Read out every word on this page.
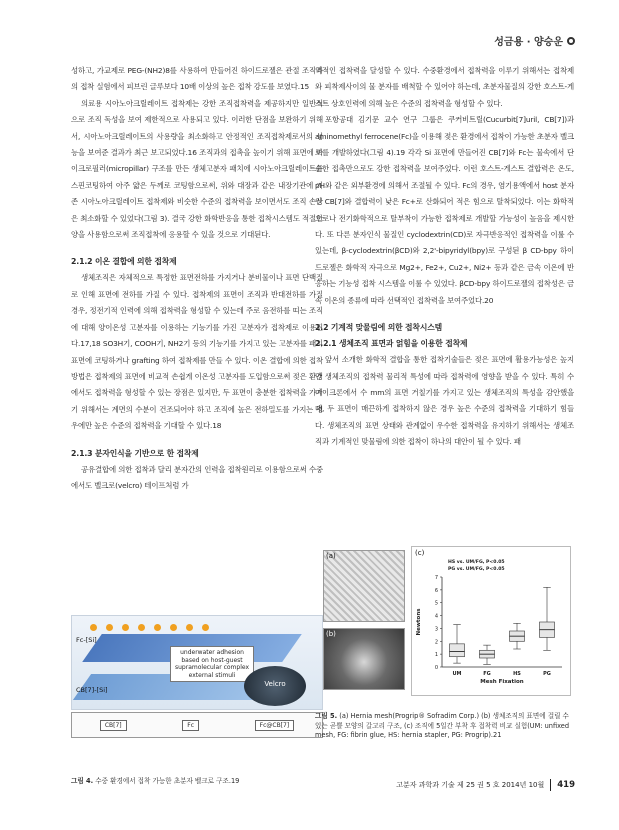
성금용 · 양승운

성하고, 가교제로 PEG-(NH2)8를 사용하여 만들어진 하이드로젤은 관절 조직과의 접착 실험에서 피브린 글루보다 10배 이상의 높은 접착 강도를 보였다.15

의료용 시아노아크릴레이트 접착제는 강한 조직접착력을 제공하지만 일반적으로 조직 독성을 보여 제한적으로 사용되고 있다. 이러한 단점을 보완하기 위해서, 시아노아크릴레이트의 사용량을 최소화하고 안정적인 조직접착제로서의 성능을 보여준 결과가 최근 보고되었다.16 조직과의 접촉을 높이기 위해 표면에 마이크로필러(micropillar) 구조를 만든 생체고분자 패치에 시아노아크릴레이트를 스핀코팅하여 아주 얇은 두께로 코팅함으로써, 위와 대장과 같은 내장기관에 기존 시아노아크릴레이트 접착제와 비슷한 수준의 접착력을 보이면서도 조직 손상은 최소화할 수 있었다(그림 3). 결국 강한 화학반응을 통한 접착시스템도 적절한 양을 사용함으로써 조직접착에 응용할 수 있을 것으로 기대된다.

2.1.2 이온 결합에 의한 접착제

생체조직은 자체적으로 특정한 표면전하를 가지거나 분비물이나 표면 단백질로 인해 표면에 전하를 가질 수 있다. 접착제의 표면이 조직과 반대전하를 가질 경우, 정전기적 인력에 의해 접착력을 형성할 수 있는데 주로 음전하를 띠는 조직에 대해 양이온성 고분자를 이용하는 기능기를 가진 고분자가 접착제로 이용된다.17,18 SO3H기, COOH기, NH2기 등의 기능기를 가지고 있는 고분자를 패치 표면에 코팅하거나 grafting 하여 접착제를 만들 수 있다. 이온 결합에 의한 접착방법은 접착제의 표면에 비교적 손쉽게 이온성 고분자를 도입함으로써 젖은 환경에서도 접착력을 형성할 수 있는 장점은 있지만, 두 표면이 충분한 접착력을 가지기 위해서는 계면의 수분이 건조되어야 하고 조직에 높은 전하밀도를 가지는 경우에만 높은 수준의 접착력을 기대할 수 있다.18

2.1.3 분자인식을 기반으로 한 접착제

공유결합에 의한 접착과 달리 분자간의 인력을 접착원리로 이용함으로써 수중에서도 벨크로(velcro) 테이프처럼 가

역적인 접착력을 달성할 수 있다. 수중환경에서 접착력을 이루기 위해서는 접착제와 피착제사이의 물 분자를 배척할 수 있어야 하는데, 초분자물질의 강한 호스트-게스트 상호인력에 의해 높은 수준의 접착력을 형성할 수 있다.

포항공대 김기문 교수 연구 그룹은 쿠커비트릴(Cucurbit[7]uril, CB[7])과 aminomethyl ferrocene(Fc)을 이용해 젖은 환경에서 접착이 가능한 초분자 벨크로를 개발하였다(그림 4).19 각각 Si 표면에 만들어진 CB[7]와 Fc는 물속에서 단순한 접촉만으로도 강한 접착력을 보여주었다. 이런 호스트-게스트 결합력은 온도, pH와 같은 외부환경에 의해서 조절될 수 있다. Fc의 경우, 염기용액에서 host 분자인 CB[7]와 결합력이 낮은 Fc+로 산화되어 적은 힘으로 탈착되었다. 이는 화학적으로나 전기화학적으로 탈부착이 가능한 접착제로 개발할 가능성이 높음을 제시한다. 또 다른 분자인식 물질인 cyclodextrin(CD)로 자극반응적인 접착력을 이룰 수 있는데, β-cyclodextrin(βCD)와 2,2'-bipyridyl(bpy)로 구성된 β CD-bpy 하이드로젤은 화학적 자극으로 Mg2+, Fe2+, Cu2+, Ni2+ 등과 같은 금속 이온에 반응하는 기능성 접착 시스템을 이룰 수 있었다. βCD-bpy 하이드로젤의 접착성은 금속 이온의 종류에 따라 선택적인 접착력을 보여주었다.20

2.2 기계적 맞물림에 의한 접착시스템
2.2.1 생체조직 표면과 얽힘을 이용한 접착제

앞서 소개한 화학적 결합을 통한 접착기술들은 젖은 표면에 활용가능성은 높지만 생체조직의 접착력 물리적 특성에 따라 접착력에 영향을 받을 수 있다. 특히 수 마이크론에서 수 mm의 표면 거칠기를 가지고 있는 생체조직의 특성을 감안했을 때, 두 표면이 매끈하게 접착하지 않은 경우 높은 수준의 접착력을 기대하기 힘들다. 생체조직의 표면 상태와 관계없이 우수한 접착력을 유지하기 위해서는 생체조직과 기계적인 맞물림에 의한 접착이 하나의 대안이 될 수 있다. 패

Fc-[Si]
CB[7]-[Si]
underwater adhesion
based on host-guest
supramolecular complex
external stimuli
Velcro
CB[7]	Fc	Fc@CB[7]
그림 4. 수중 환경에서 접착 가능한 초분자 벨크로 구조.19
(a)
(b)
(c)
0
1
2
3
4
5
6
7
Newtons
Mesh Fixation
HS vs. UM/FG, P<0.05
PG vs. UM/FG, P<0.05
UM	FG	HS	PG
그림 5. (a) Hernia mesh(Progrip® Sofradim Corp.) (b) 생체조직의 표면에 걸릴 수 있는 곧쁠 모양의 갈고리 구조, (c) 조직에 5일간 부착 후 접착력 비교 실험(UM: unfixed mesh, FG: fibrin glue, HS: hernia stapler, PG: Progrip).21
고분자 과학과 기술 제 25 권 5 호 2014년 10월 419
